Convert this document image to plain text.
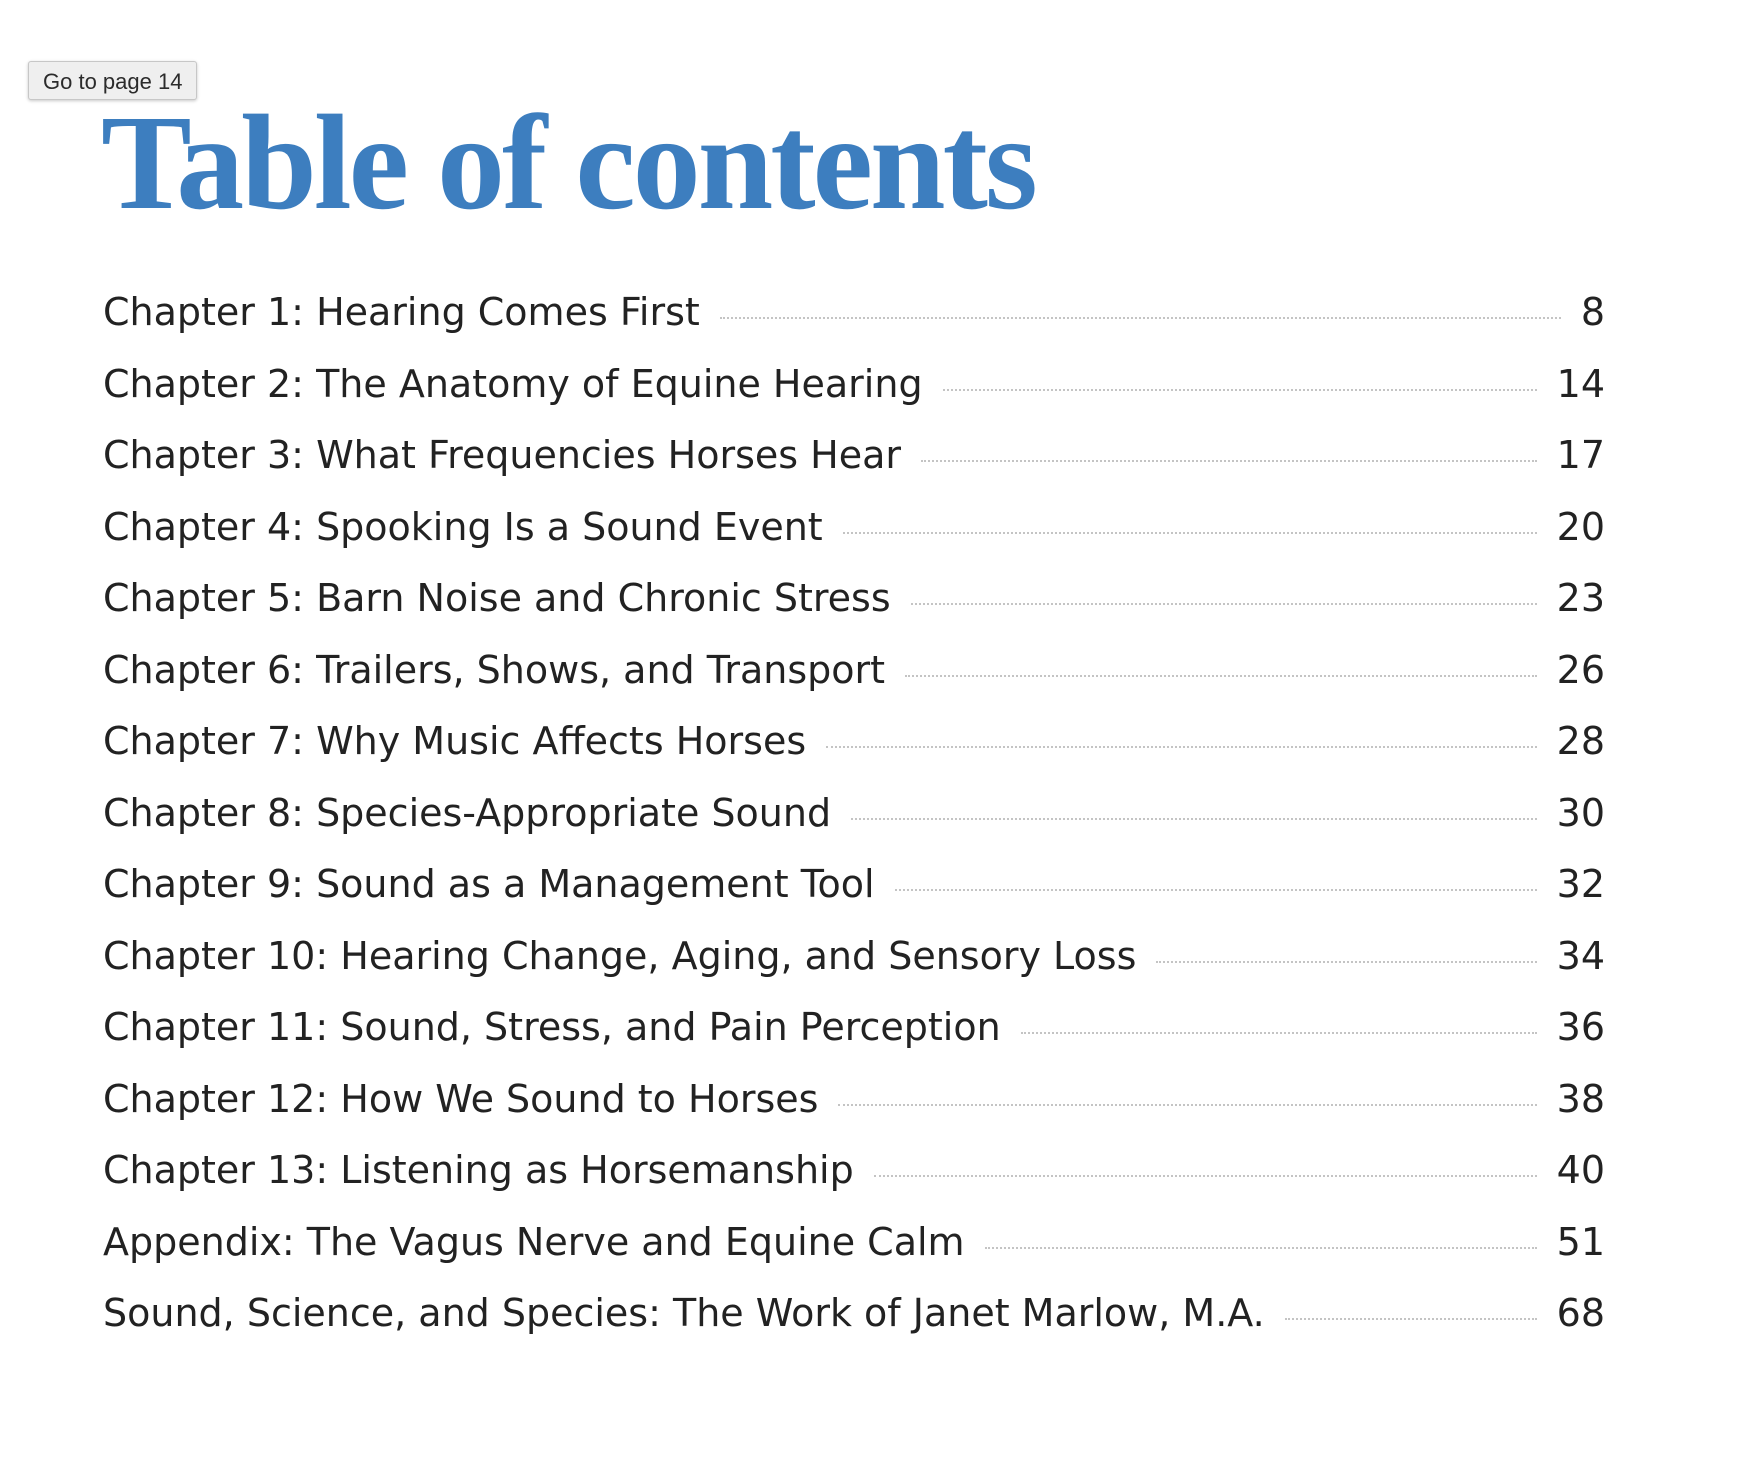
Go to page 14
Table of contents
Chapter 1: Hearing Comes First	8
Chapter 2: The Anatomy of Equine Hearing	14
Chapter 3: What Frequencies Horses Hear	17
Chapter 4: Spooking Is a Sound Event	20
Chapter 5: Barn Noise and Chronic Stress	23
Chapter 6: Trailers, Shows, and Transport	26
Chapter 7: Why Music Affects Horses	28
Chapter 8: Species-Appropriate Sound	30
Chapter 9: Sound as a Management Tool	32
Chapter 10: Hearing Change, Aging, and Sensory Loss	34
Chapter 11: Sound, Stress, and Pain Perception	36
Chapter 12: How We Sound to Horses	38
Chapter 13: Listening as Horsemanship	40
Appendix: The Vagus Nerve and Equine Calm	51
Sound, Science, and Species: The Work of Janet Marlow, M.A.	68
